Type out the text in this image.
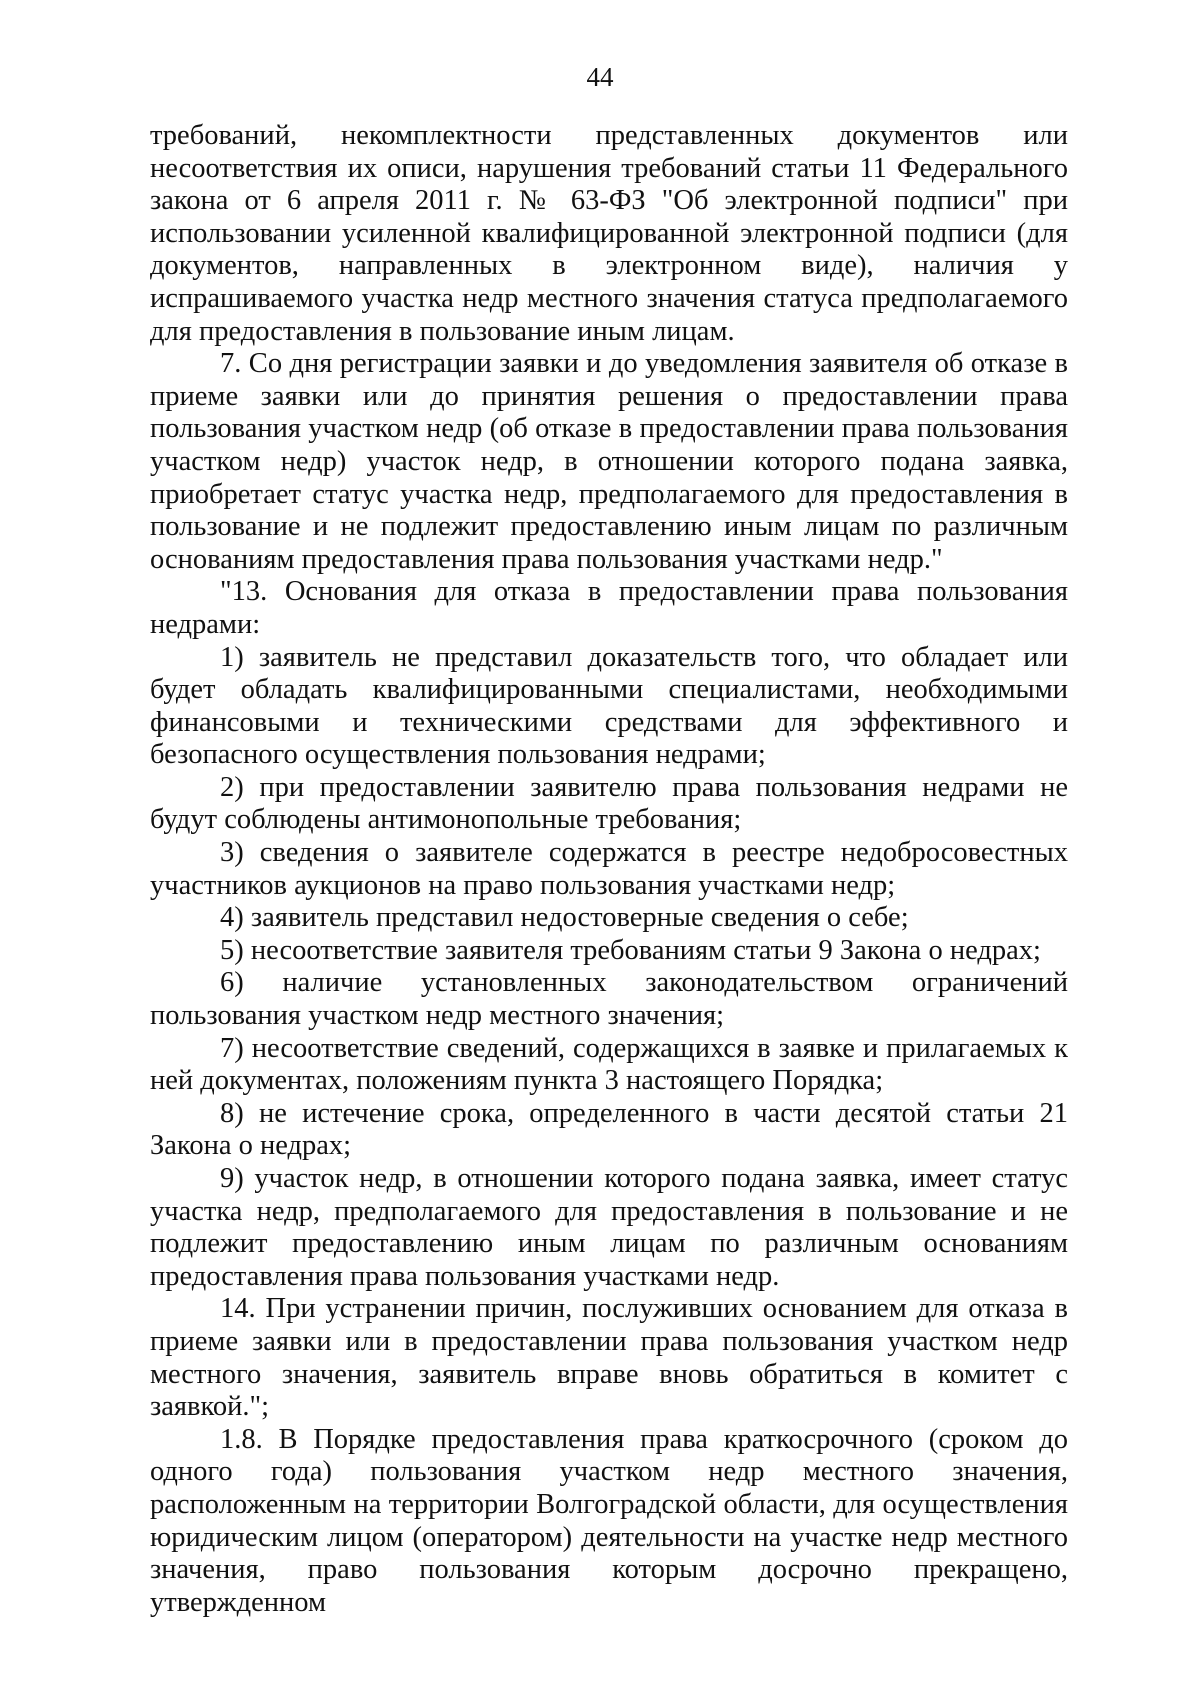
44

требований, некомплектности представленных документов или несоответствия их описи, нарушения требований статьи 11 Федерального закона от 6 апреля 2011 г. № 63-ФЗ "Об электронной подписи" при использовании усиленной квалифицированной электронной подписи (для документов, направленных в электронном виде), наличия у испрашиваемого участка недр местного значения статуса предполагаемого для предоставления в пользование иным лицам.

7. Со дня регистрации заявки и до уведомления заявителя об отказе в приеме заявки или до принятия решения о предоставлении права пользования участком недр (об отказе в предоставлении права пользования участком недр) участок недр, в отношении которого подана заявка, приобретает статус участка недр, предполагаемого для предоставления в пользование и не подлежит предоставлению иным лицам по различным основаниям предоставления права пользования участками недр."

"13. Основания для отказа в предоставлении права пользования недрами:

1) заявитель не представил доказательств того, что обладает или будет обладать квалифицированными специалистами, необходимыми финансовыми и техническими средствами для эффективного и безопасного осуществления пользования недрами;

2) при предоставлении заявителю права пользования недрами не будут соблюдены антимонопольные требования;

3) сведения о заявителе содержатся в реестре недобросовестных участников аукционов на право пользования участками недр;

4) заявитель представил недостоверные сведения о себе;

5) несоответствие заявителя требованиям статьи 9 Закона о недрах;

6) наличие установленных законодательством ограничений пользования участком недр местного значения;

7) несоответствие сведений, содержащихся в заявке и прилагаемых к ней документах, положениям пункта 3 настоящего Порядка;

8) не истечение срока, определенного в части десятой статьи 21 Закона о недрах;

9) участок недр, в отношении которого подана заявка, имеет статус участка недр, предполагаемого для предоставления в пользование и не подлежит предоставлению иным лицам по различным основаниям предоставления права пользования участками недр.

14. При устранении причин, послуживших основанием для отказа в приеме заявки или в предоставлении права пользования участком недр местного значения, заявитель вправе вновь обратиться в комитет с заявкой.";

1.8. В Порядке предоставления права краткосрочного (сроком до одного года) пользования участком недр местного значения, расположенным на территории Волгоградской области, для осуществления юридическим лицом (оператором) деятельности на участке недр местного значения, право пользования которым досрочно прекращено, утвержденном
